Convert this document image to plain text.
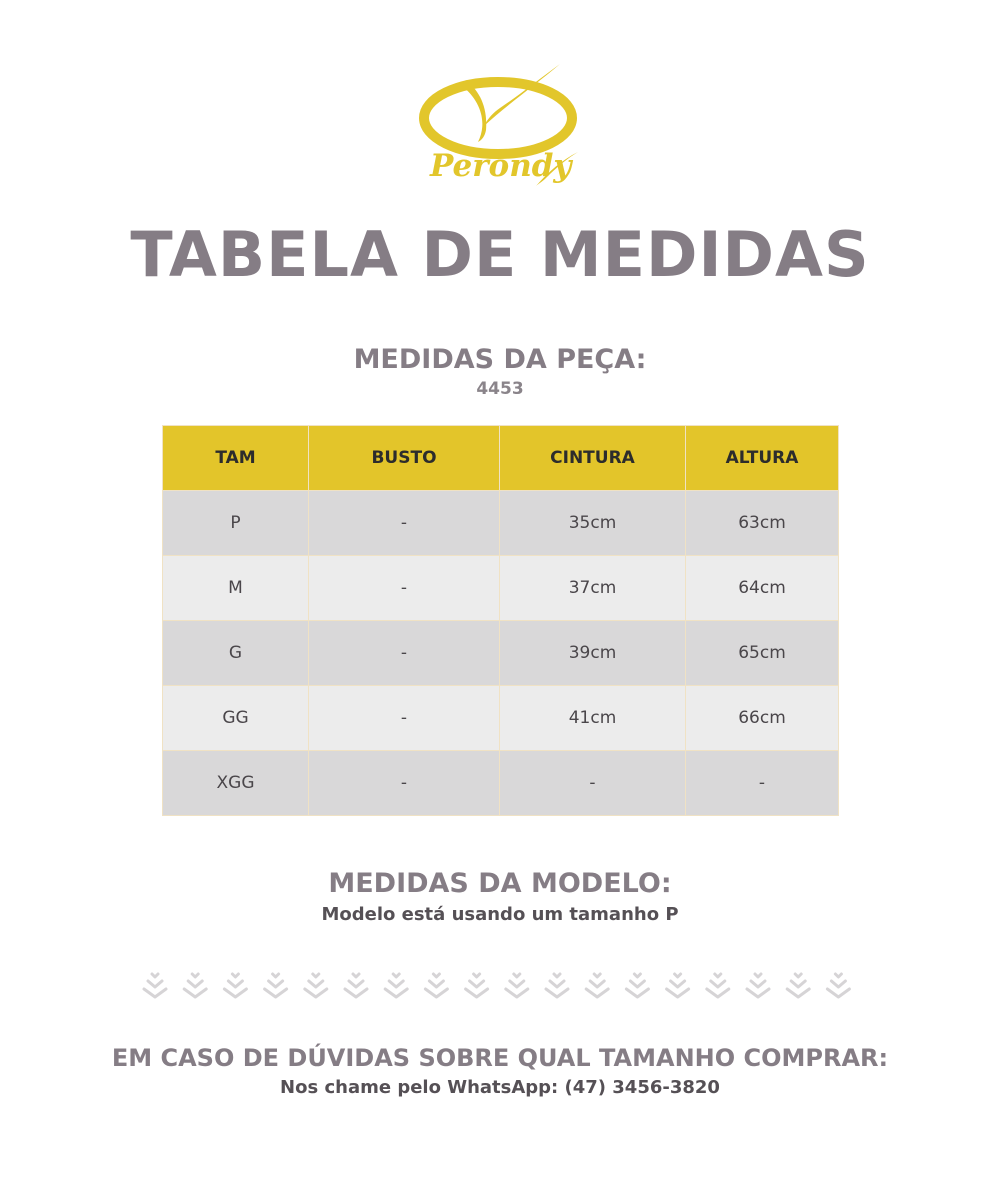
Perondy
TABELA DE MEDIDAS
MEDIDAS DA PEÇA:
4453
TAM	BUSTO	CINTURA	ALTURA
P	-	35cm	63cm
M	-	37cm	64cm
G	-	39cm	65cm
GG	-	41cm	66cm
XGG	-	-	-
MEDIDAS DA MODELO:
Modelo está usando um tamanho P
EM CASO DE DÚVIDAS SOBRE QUAL TAMANHO COMPRAR:
Nos chame pelo WhatsApp: (47) 3456-3820
